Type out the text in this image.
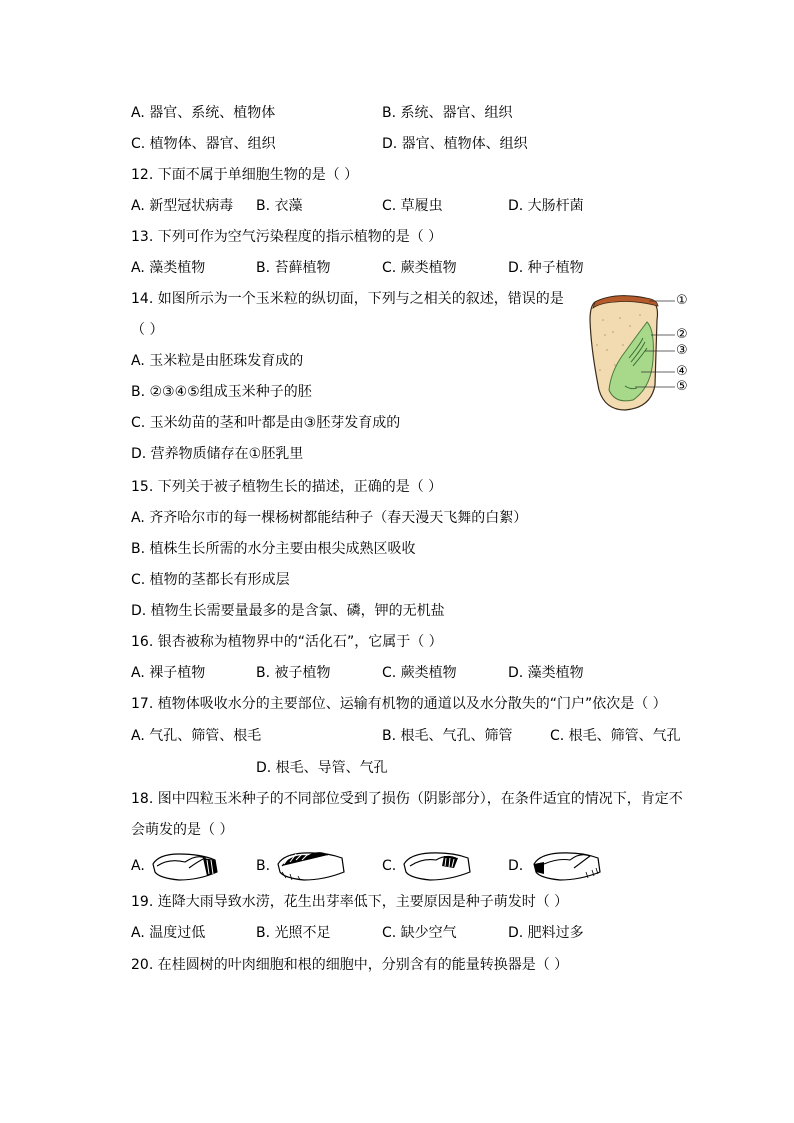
A. 器官、系统、植物体	B. 系统、器官、组织
C. 植物体、器官、组织	D. 器官、植物体、组织
12. 下面不属于单细胞生物的是（ ）
A. 新型冠状病毒 B. 衣藻	C. 草履虫	D. 大肠杆菌
13. 下列可作为空气污染程度的指示植物的是（ ）
A. 藻类植物	B. 苔藓植物	C. 蕨类植物	D. 种子植物
14. 如图所示为一个玉米粒的纵切面，下列与之相关的叙述，错误的是
（ ）
A. 玉米粒是由胚珠发育成的
B. ②③④⑤组成玉米种子的胚
C. 玉米幼苗的茎和叶都是由③胚芽发育成的
D. 营养物质储存在①胚乳里
①
②
③
④
⑤
15. 下列关于被子植物生长的描述，正确的是（ ）
A. 齐齐哈尔市的每一棵杨树都能结种子（春天漫天飞舞的白絮）
B. 植株生长所需的水分主要由根尖成熟区吸收
C. 植物的茎都长有形成层
D. 植物生长需要量最多的是含氯、磷，钾的无机盐
16. 银杏被称为植物界中的“活化石”，它属于（ ）
A. 裸子植物	B. 被子植物	C. 蕨类植物	D. 藻类植物
17. 植物体吸收水分的主要部位、运输有机物的通道以及水分散失的“门户”依次是（ ）
A. 气孔、筛管、根毛	B. 根毛、气孔、筛管	C. 根毛、筛管、气孔
D. 根毛、导管、气孔
18. 图中四粒玉米种子的不同部位受到了损伤（阴影部分），在条件适宜的情况下，肯定不
会萌发的是（ ）
A.	B.	C.	D.
19. 连降大雨导致水涝，花生出芽率低下，主要原因是种子萌发时（ ）
A. 温度过低	B. 光照不足	C. 缺少空气	D. 肥料过多
20. 在桂圆树的叶肉细胞和根的细胞中，分别含有的能量转换器是（ ）
